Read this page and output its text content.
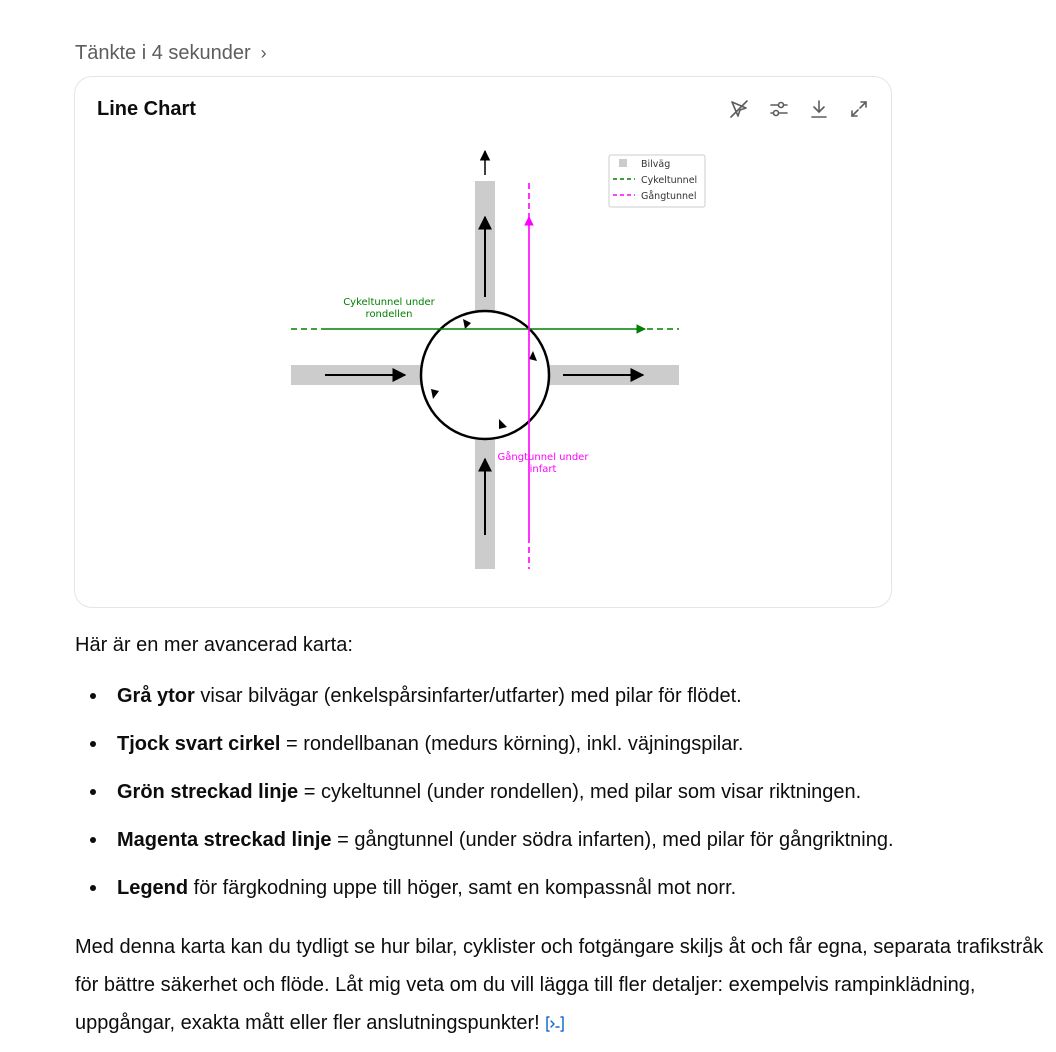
Tänkte i 4 sekunder ›
Line Chart
Cykeltunnel under
rondellen
Gångtunnel under
infart
Bilväg
Cykeltunnel
Gångtunnel
Här är en mer avancerad karta:
Grå ytor visar bilvägar (enkelspårsinfarter/utfarter) med pilar för flödet.
Tjock svart cirkel = rondellbanan (medurs körning), inkl. väjningspilar.
Grön streckad linje = cykeltunnel (under rondellen), med pilar som visar riktningen.
Magenta streckad linje = gångtunnel (under södra infarten), med pilar för gångriktning.
Legend för färgkodning uppe till höger, samt en kompassnål mot norr.
Med denna karta kan du tydligt se hur bilar, cyklister och fotgängare skiljs åt och får egna, separata trafikstråk för bättre säkerhet och flöde. Låt mig veta om du vill lägga till fler detaljer: exempelvis rampinklädning, uppgångar, exakta mått eller fler anslutningspunkter!
